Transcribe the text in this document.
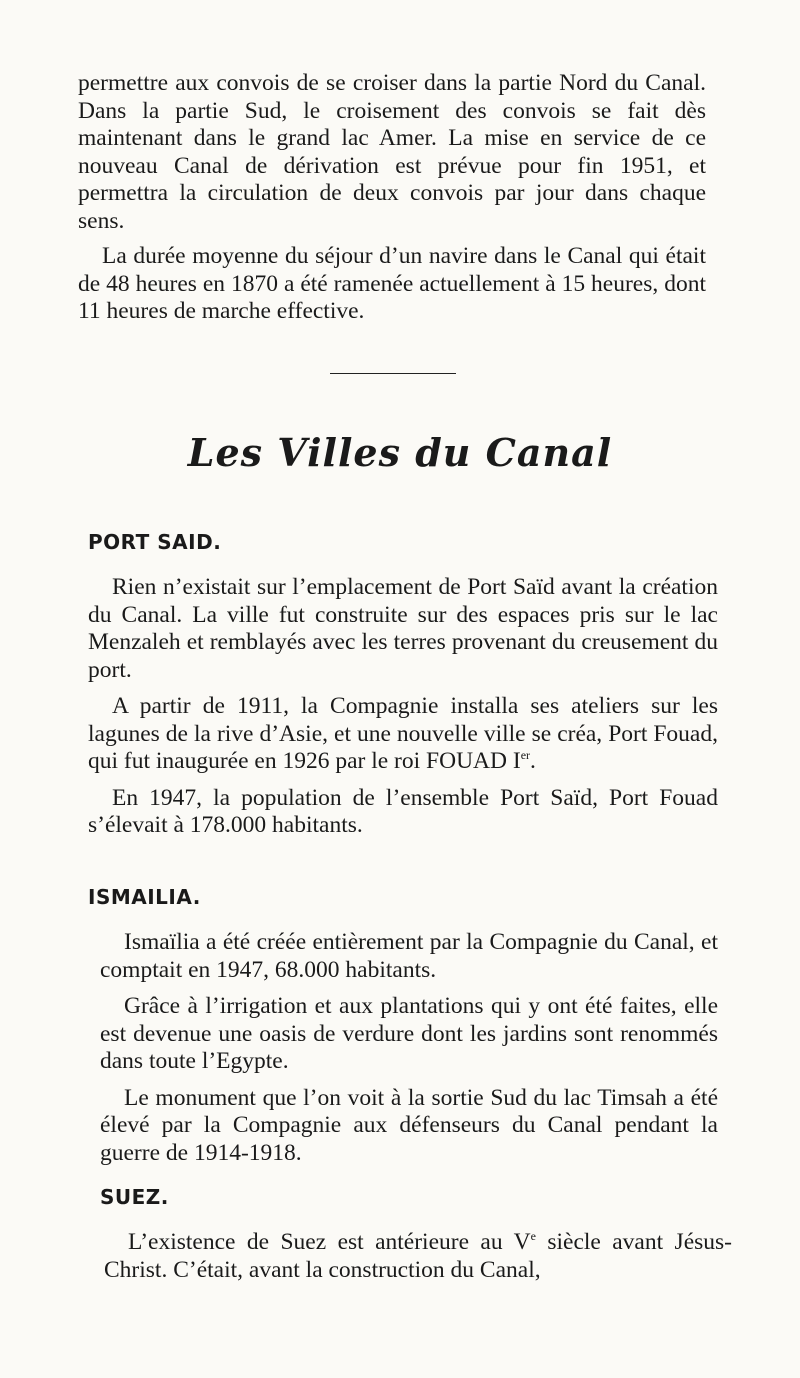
permettre aux convois de se croiser dans la partie Nord du Canal. Dans la partie Sud, le croisement des convois se fait dès maintenant dans le grand lac Amer. La mise en service de ce nouveau Canal de dérivation est prévue pour fin 1951, et permettra la circulation de deux convois par jour dans chaque sens.

La durée moyenne du séjour d’un navire dans le Canal qui était de 48 heures en 1870 a été ramenée actuellement à 15 heures, dont 11 heures de marche effective.

Les Villes du Canal
PORT SAID.

Rien n’existait sur l’emplacement de Port Saïd avant la création du Canal. La ville fut construite sur des espaces pris sur le lac Menzaleh et remblayés avec les terres provenant du creusement du port.

A partir de 1911, la Compagnie installa ses ateliers sur les lagunes de la rive d’Asie, et une nouvelle ville se créa, Port Fouad, qui fut inaugurée en 1926 par le roi FOUAD Ier.

En 1947, la population de l’ensemble Port Saïd, Port Fouad s’élevait à 178.000 habitants.

ISMAILIA.

Ismaïlia a été créée entièrement par la Compagnie du Canal, et comptait en 1947, 68.000 habitants.

Grâce à l’irrigation et aux plantations qui y ont été faites, elle est devenue une oasis de verdure dont les jardins sont renommés dans toute l’Egypte.

Le monument que l’on voit à la sortie Sud du lac Timsah a été élevé par la Compagnie aux défenseurs du Canal pendant la guerre de 1914-1918.

SUEZ.

L’existence de Suez est antérieure au Ve siècle avant Jésus-Christ. C’était, avant la construction du Canal,
